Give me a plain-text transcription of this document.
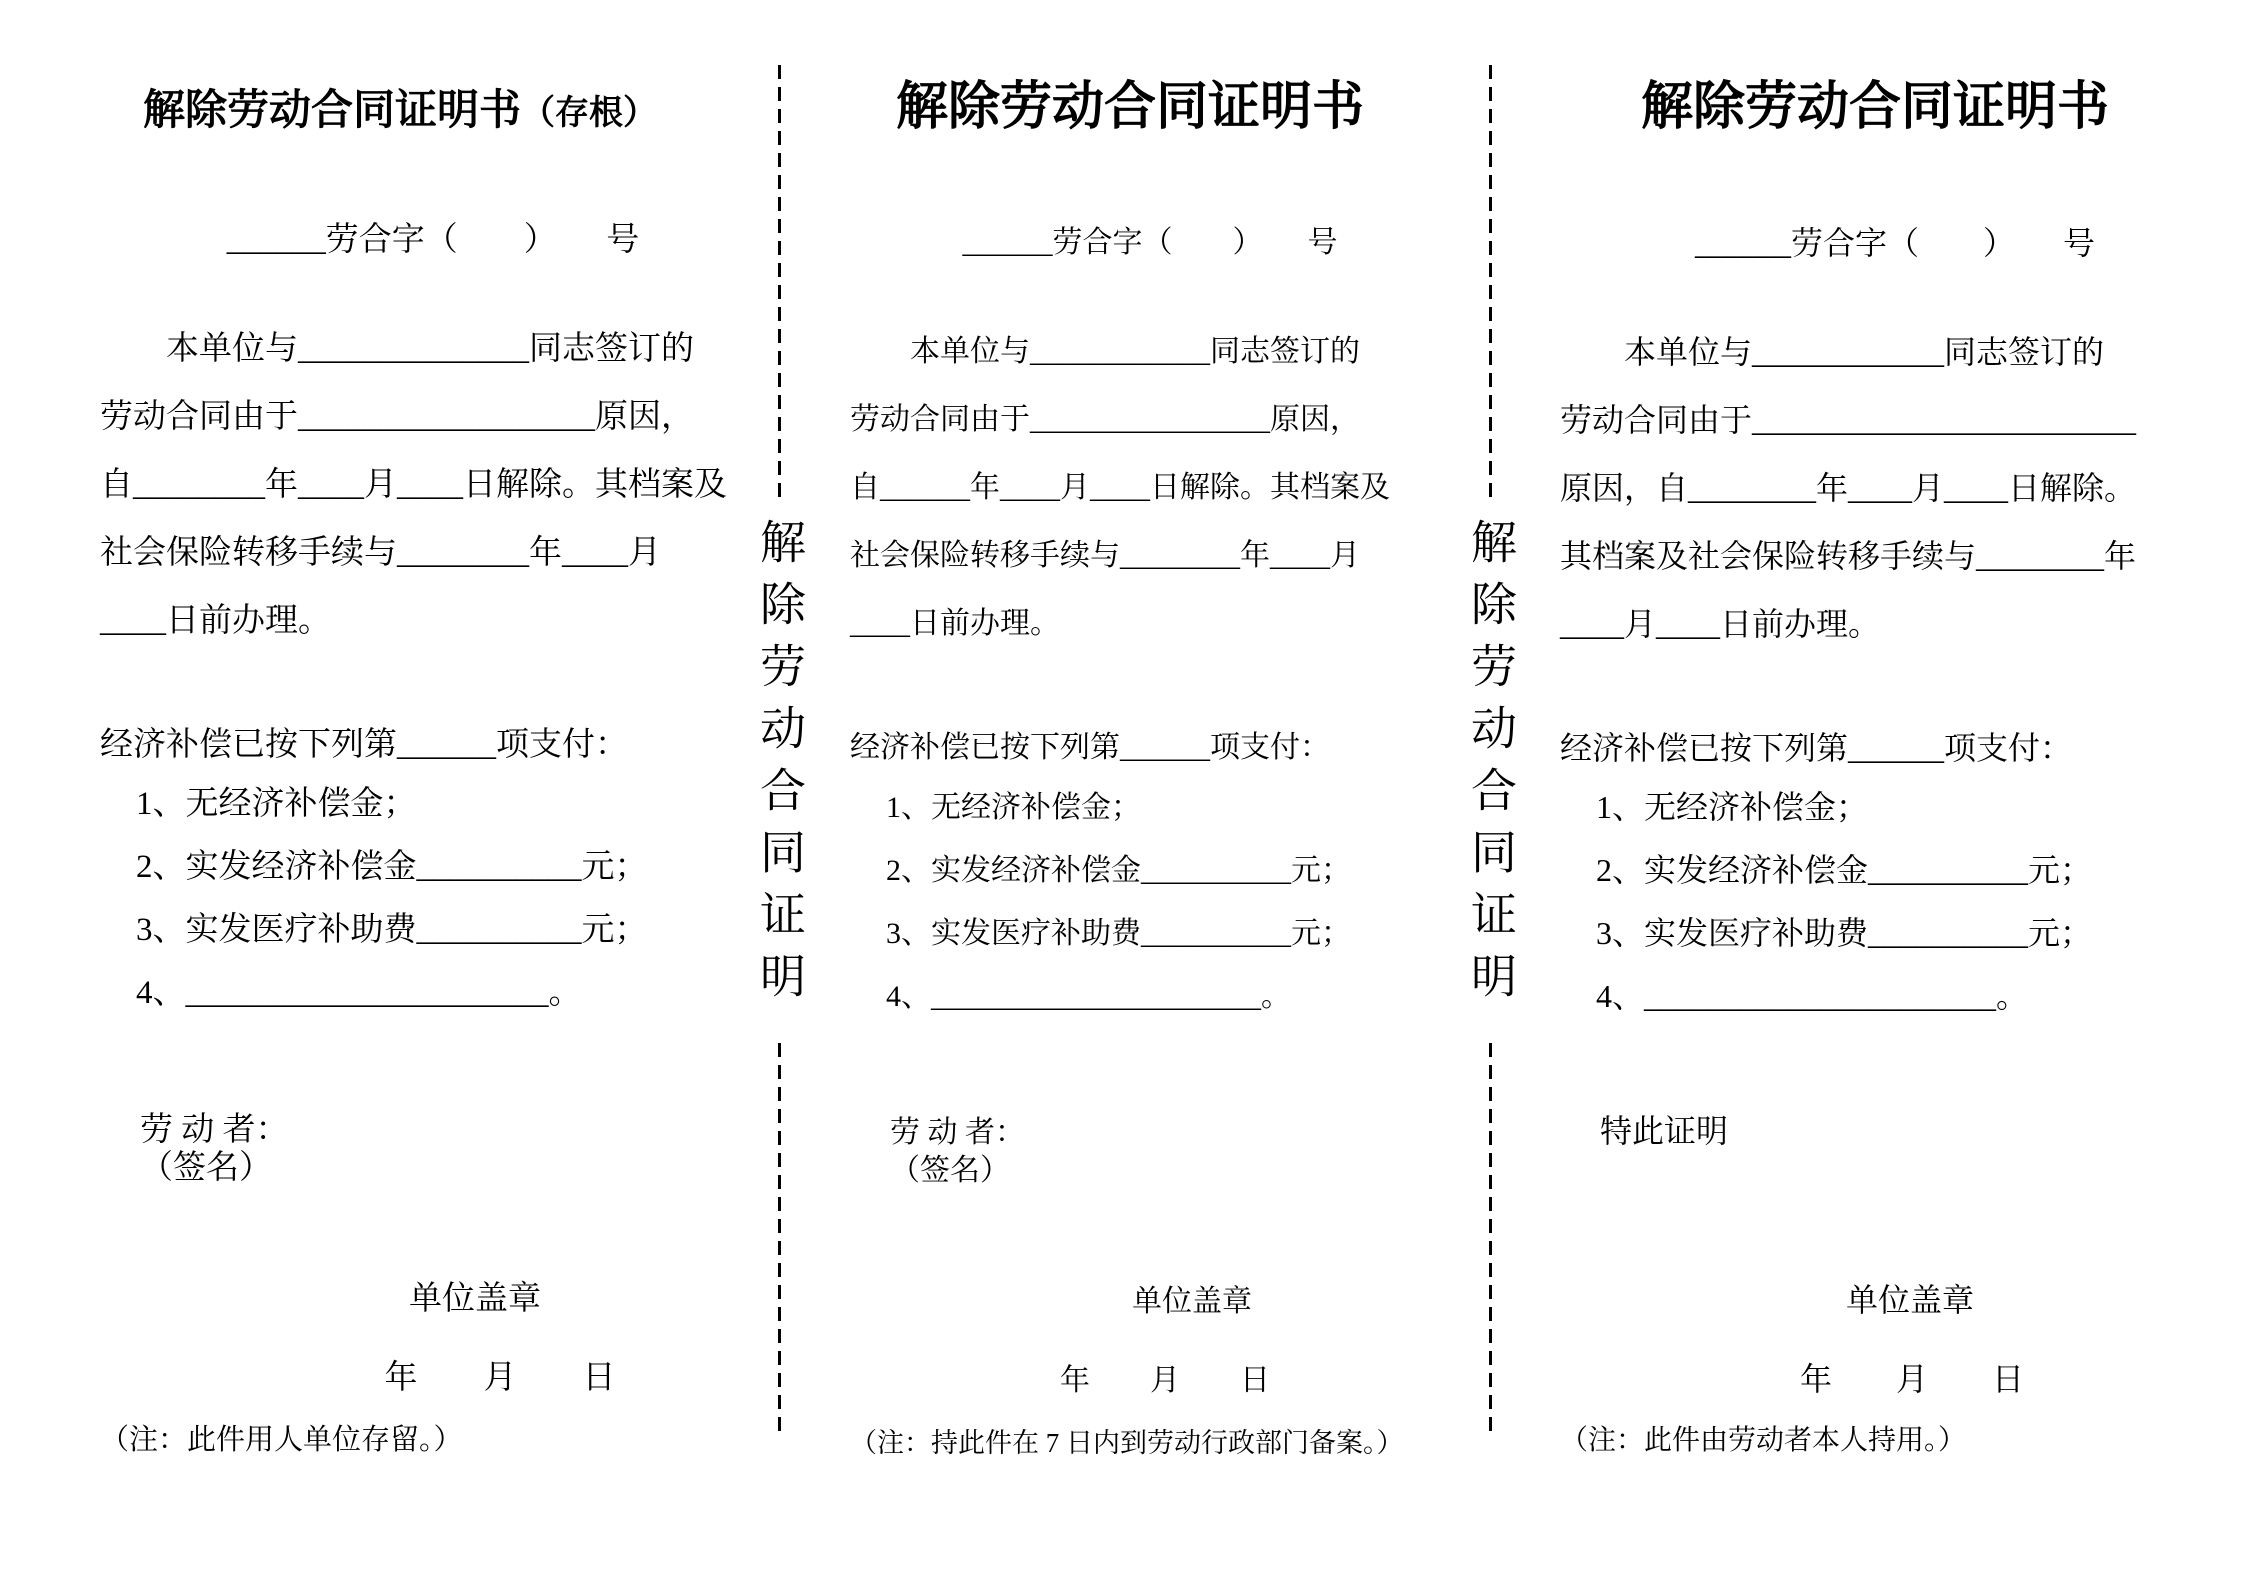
解除劳动合同证明书（存根）
______劳合字（　　）　　号
本单位与______________同志签订的
劳动合同由于__________________原因，
自________年____月____日解除。其档案及
社会保险转移手续与________年____月
____日前办理。
经济补偿已按下列第______项支付：
1、无经济补偿金；
2、实发经济补偿金__________元；
3、实发医疗补助费__________元；
4、______________________。
劳 动 者：
（签名）
单位盖章
年　　月　　日
（注：此件用人单位存留。）
解除劳动合同证明
解除劳动合同证明书
______劳合字（　　）　　号
本单位与____________同志签订的
劳动合同由于________________原因，
自______年____月____日解除。其档案及
社会保险转移手续与________年____月
____日前办理。
经济补偿已按下列第______项支付：
1、无经济补偿金；
2、实发经济补偿金__________元；
3、实发医疗补助费__________元；
4、______________________。
劳 动 者：
（签名）
单位盖章
年　　月　　日
（注：持此件在 7 日内到劳动行政部门备案。）
解除劳动合同证明
解除劳动合同证明书
______劳合字（　　）　　号
本单位与____________同志签订的
劳动合同由于________________________
原因，自________年____月____日解除。
其档案及社会保险转移手续与________年
____月____日前办理。
经济补偿已按下列第______项支付：
1、无经济补偿金；
2、实发经济补偿金__________元；
3、实发医疗补助费__________元；
4、______________________。
特此证明
单位盖章
年　　月　　日
（注：此件由劳动者本人持用。）
